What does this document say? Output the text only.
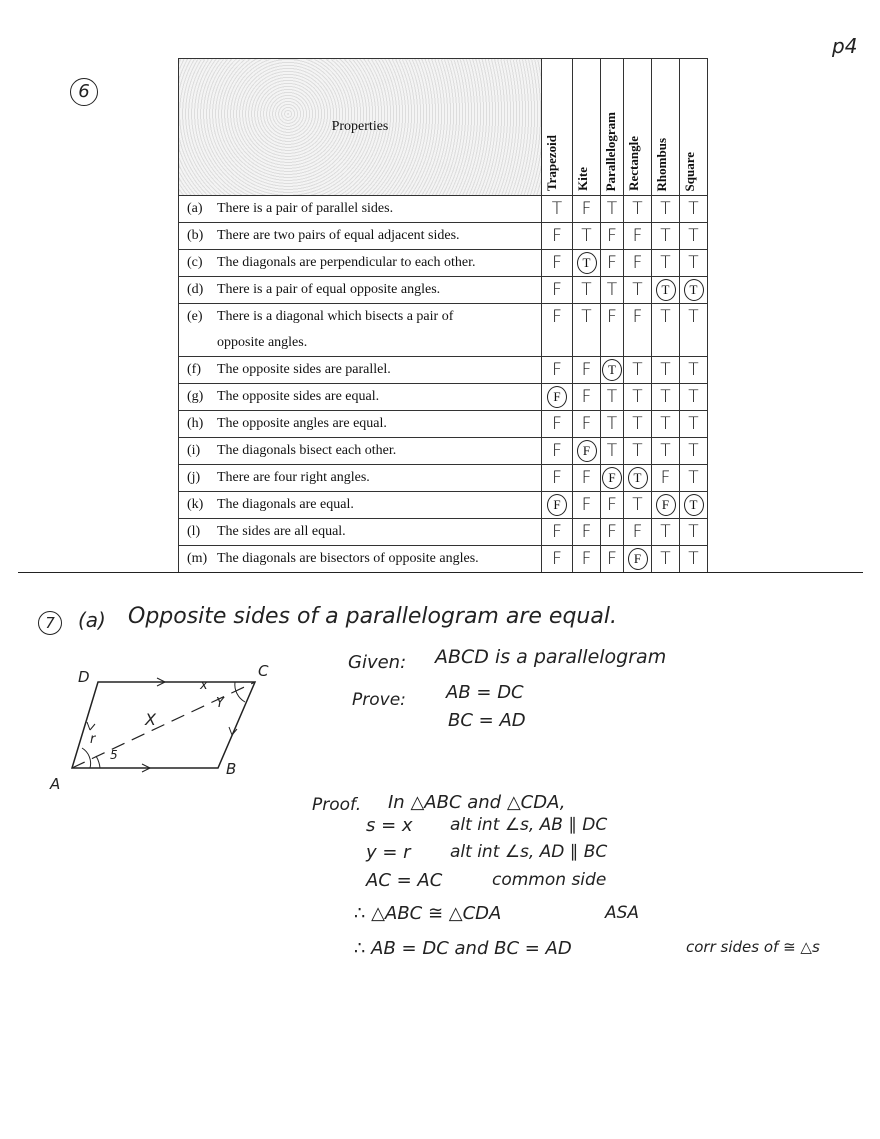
p4
6
Properties	Trapezoid	Kite	Parallelogram	Rectangle	Rhombus	Square

(a) There is a pair of parallel sides.	T	F	T	T	T	T
(b) There are two pairs of equal adjacent sides.	F	T	F	F	T	T
(c) The diagonals are perpendicular to each other.	F	T	F	F	T	T
(d) There is a pair of equal opposite angles.	F	T	T	T	T	T
(e) There is a diagonal which bisects a pair of	F	T	F	F	T	T
opposite angles.						
(f) The opposite sides are parallel.	F	F	T	T	T	T
(g) The opposite sides are equal.	F	F	T	T	T	T
(h) The opposite angles are equal.	F	F	T	T	T	T
(i) The diagonals bisect each other.	F	F	T	T	T	T
(j) There are four right angles.	F	F	F	T	F	T
(k) The diagonals are equal.	F	F	F	T	F	T
(l) The sides are all equal.	F	F	F	F	T	T
(m) The diagonals are bisectors of opposite angles.	F	F	F	F	T	T
7	(a) Opposite sides of a parallelogram are equal.
D	C
A
B
x
Y
r
5
X
Given: ABCD is a parallelogram
Prove: AB = DC
BC = AD
Proof. In △ABC and △CDA,
s = x alt int ∠s, AB ∥ DC
y = r alt int ∠s, AD ∥ BC
AC = AC	common side
∴ △ABC ≅ △CDA	ASA
∴ AB = DC and BC = AD	corr sides of ≅ △s
